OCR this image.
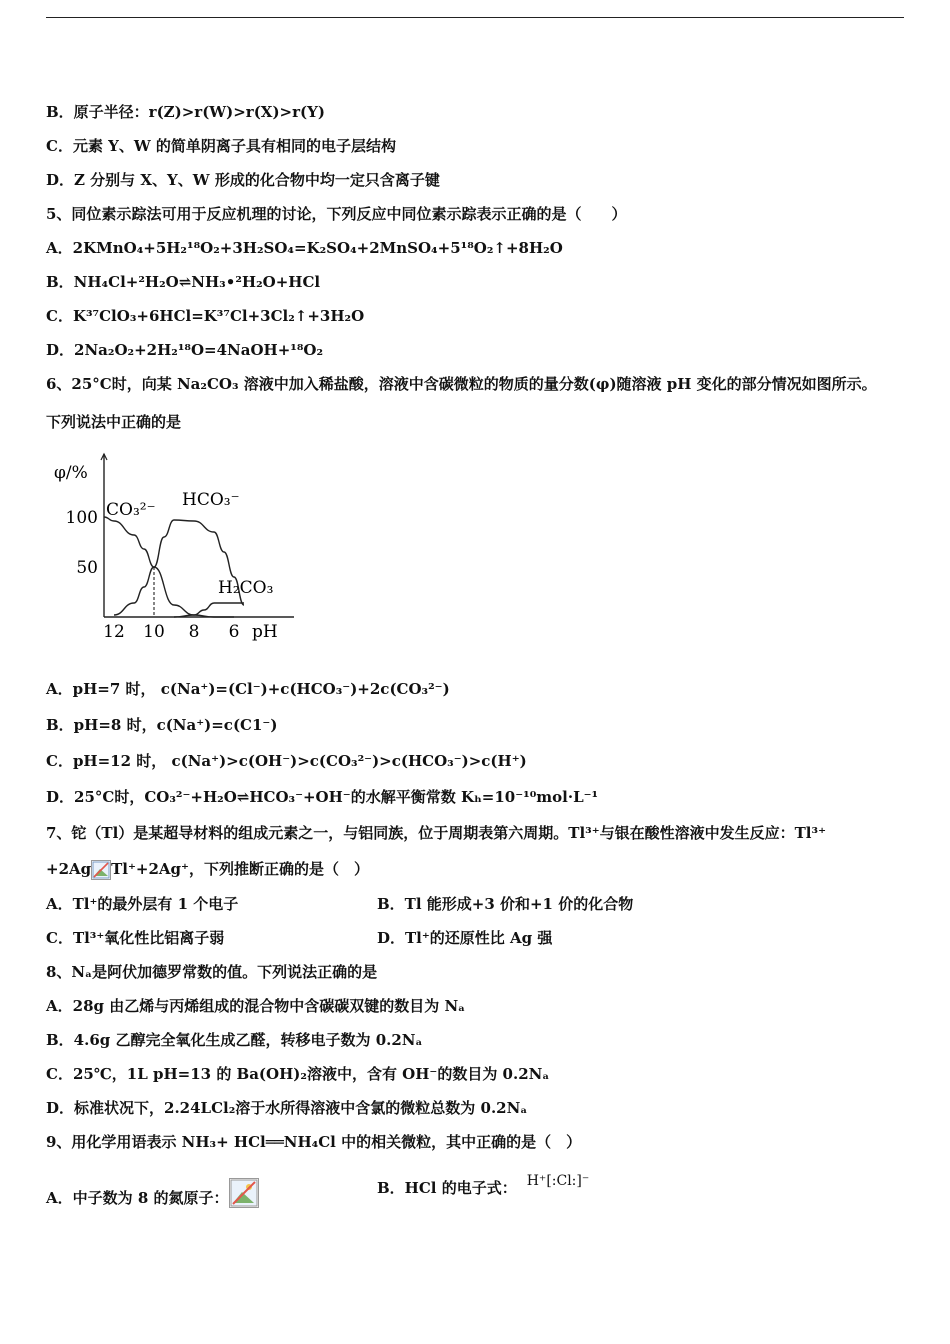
B．原子半径：r(Z)>r(W)>r(X)>r(Y)
C．元素 Y、W 的简单阴离子具有相同的电子层结构
D．Z 分别与 X、Y、W 形成的化合物中均一定只含离子键
5、同位素示踪法可用于反应机理的讨论，下列反应中同位素示踪表示正确的是（　　）
A．2KMnO₄+5H₂¹⁸O₂+3H₂SO₄=K₂SO₄+2MnSO₄+5¹⁸O₂↑+8H₂O
B．NH₄Cl+²H₂O⇌NH₃•²H₂O+HCl
C．K³⁷ClO₃+6HCl=K³⁷Cl+3Cl₂↑+3H₂O
D．2Na₂O₂+2H₂¹⁸O=4NaOH+¹⁸O₂
6、25°C时，向某 Na₂CO₃ 溶液中加入稀盐酸，溶液中含碳微粒的物质的量分数(φ)随溶液 pH 变化的部分情况如图所示。
下列说法中正确的是
φ/%
pH
12 10 8 6
100
50
CO₃²⁻ HCO₃⁻
H₂CO₃
A．pH=7 时， c(Na⁺)=(Cl⁻)+c(HCO₃⁻)+2c(CO₃²⁻)
B．pH=8 时，c(Na⁺)=c(C1⁻)
C．pH=12 时， c(Na⁺)>c(OH⁻)>c(CO₃²⁻)>c(HCO₃⁻)>c(H⁺)
D．25°C时，CO₃²⁻+H₂O⇌HCO₃⁻+OH⁻的水解平衡常数 Kₕ=10⁻¹⁰mol·L⁻¹
7、铊（Tl）是某超导材料的组成元素之一，与铝同族，位于周期表第六周期。Tl³⁺与银在酸性溶液中发生反应：Tl³⁺
+2Ag Tl⁺+2Ag⁺，下列推断正确的是（　）
A．Tl⁺的最外层有 1 个电子	B．Tl 能形成+3 价和+1 价的化合物
C．Tl³⁺氧化性比铝离子弱	D．Tl⁺的还原性比 Ag 强
8、Nₐ是阿伏加德罗常数的值。下列说法正确的是
A．28g 由乙烯与丙烯组成的混合物中含碳碳双键的数目为 Nₐ
B．4.6g 乙醇完全氧化生成乙醛，转移电子数为 0.2Nₐ
C．25℃，1L pH=13 的 Ba(OH)₂溶液中，含有 OH⁻的数目为 0.2Nₐ
D．标准状况下，2.24LCl₂溶于水所得溶液中含氯的微粒总数为 0.2Nₐ
9、用化学用语表示 NH₃+ HCl══NH₄Cl 中的相关微粒，其中正确的是（　）
A．中子数为 8 的氮原子：
B．HCl 的电子式： H⁺[:Cl:]⁻
